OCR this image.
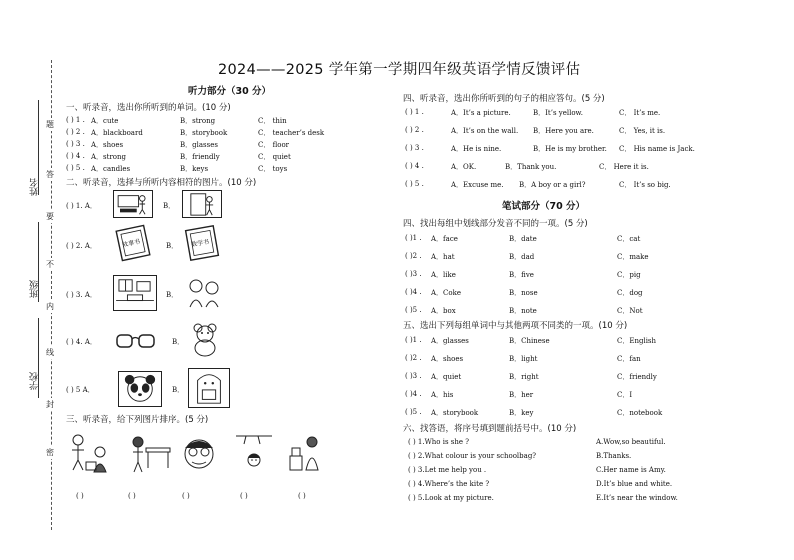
姓名
班级
学校
题
答
要
不
内
线
封
密
2024——2025 学年第一学期四年级英语学情反馈评估
听力部分（30 分）
一、听录音，选出你所听到的单词。(10 分)
( ) 1 . A．cute	B．strong	C． thin
( ) 2 . A．blackboard	B．storybook	C． teacher’s desk
( ) 3 . A．shoes	B．glasses	C． floor
( ) 4 . A．strong	B．friendly	C． quiet
( ) 5 . A．candles	B．keys	C． toys
二、听录音，选择与所听内容相符的图片。(10 分)
( ) 1. A．	B．
( ) 2. A．	故事书	B． 数学书
( ) 3. A．	B．
( ) 4. A．	B．
( ) 5 A．	B．
三、听录音，给下列图片排序。(5 分)
( )	( )	( )	( )	( )
四、听录音，选出你所听到的句子的相应答句。(5 分)
( ) 1 .	A．It’s a picture.	B．It’s yellow.	C． It’s me.
( ) 2 .	A．It’s on the wall. B．Here you are.	C． Yes, it is.
( ) 3 .	A．He is nine.	B．He is my brother. C． His name is Jack.
( ) 4 .	A．OK.	B．Thank you.	C． Here it is.
( ) 5 .	A．Excuse me. B．A boy or a girl?	C． It’s so big.
笔试部分（70 分）
四、找出每组中划线部分发音不同的一项。(5 分)
( )1 . A．face	B．date	C．cat
( )2 . A．hat	B．dad	C．make
( )3 . A．like	B．five	C．pig
( )4 . A．Coke	B．nose	C．dog
( )5 . A．box	B．note	C．Not
五、选出下列每组单词中与其他两项不同类的一项。(10 分)
( )1 . A．glasses	B．Chinese	C．English
( )2 . A．shoes	B．light	C．fan
( )3 . A．quiet	B．right	C．friendly
( )4 . A．his	B．her	C．I
( )5 . A．storybook	B．key	C．notebook
六、找答语，将序号填到题前括号中。(10 分)
( ) 1.Who is she ?	A.Wow,so beautiful.
( ) 2.What colour is your schoolbag?	B.Thanks.
( ) 3.Let me help you .	C.Her name is Amy.
( ) 4.Where’s the kite ?	D.It’s blue and white.
( ) 5.Look at my picture.	E.It’s near the window.
